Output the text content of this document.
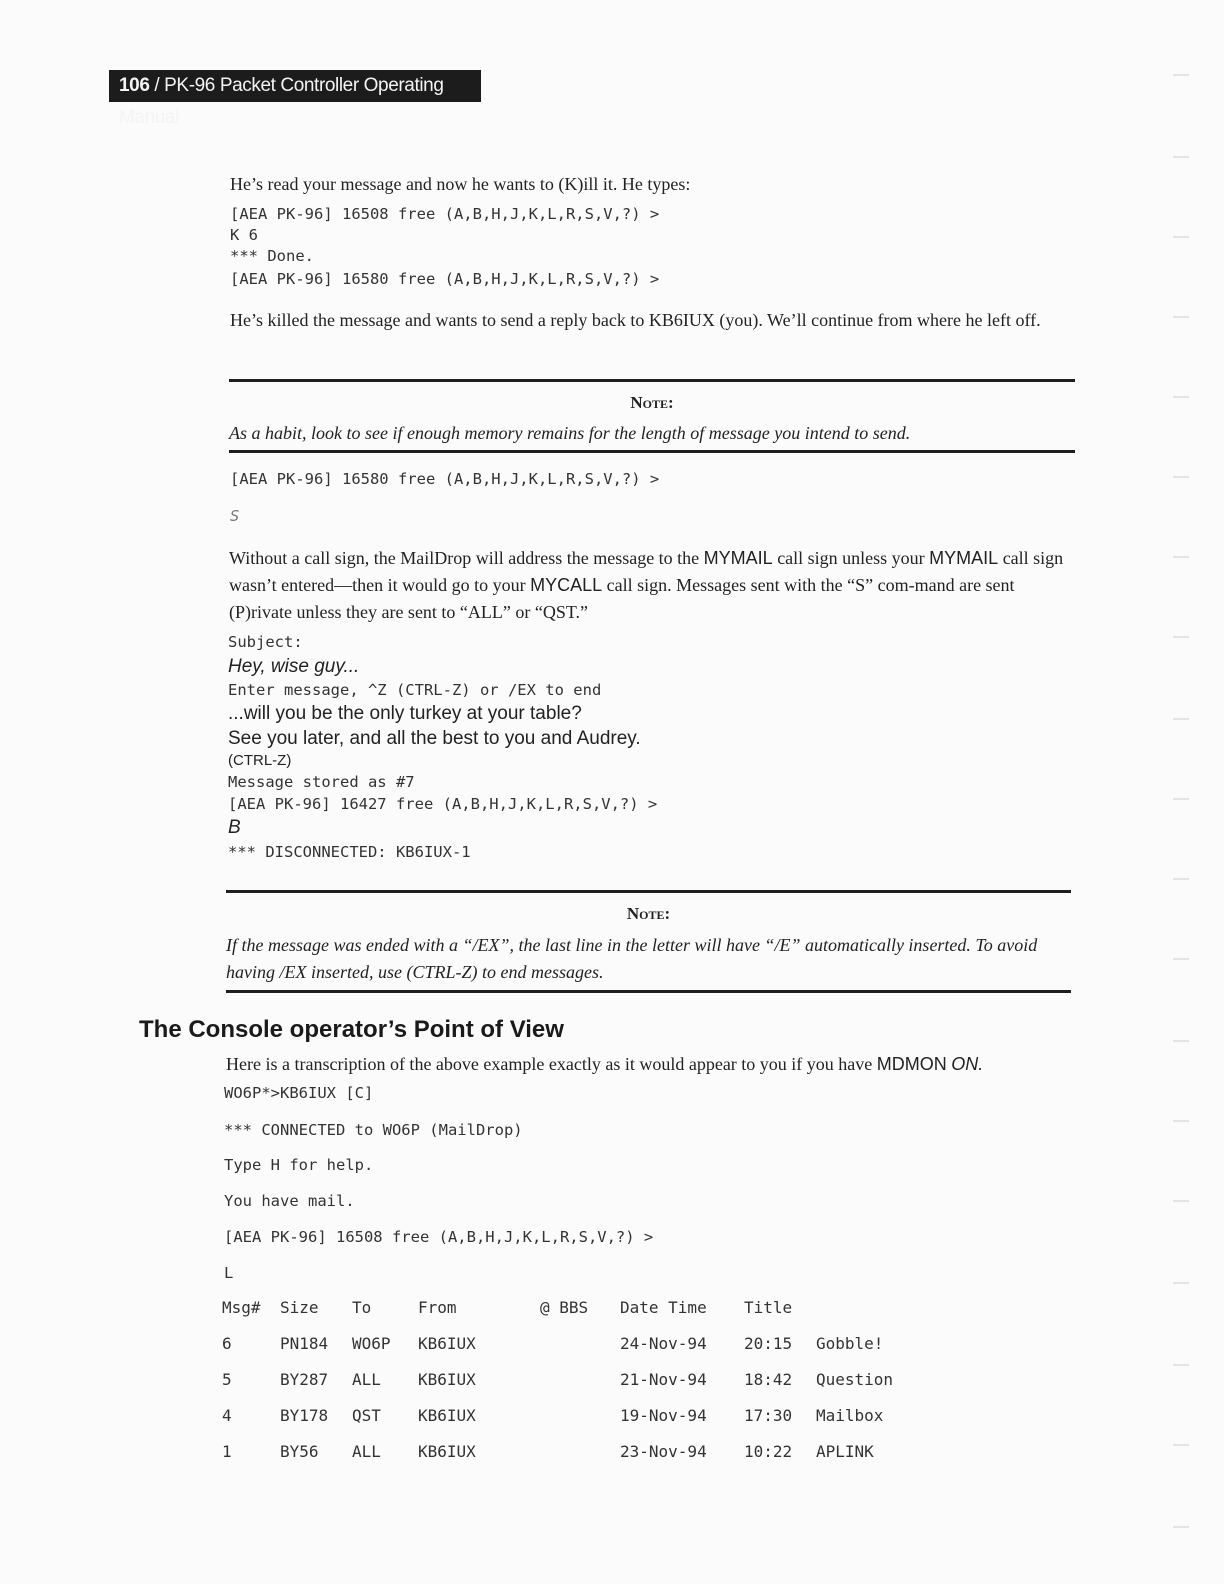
106 / PK-96 Packet Controller Operating Manual
He’s read your message and now he wants to (K)ill it. He types:
[AEA PK-96] 16508 free (A,B,H,J,K,L,R,S,V,?) >
K 6
*** Done.
[AEA PK-96] 16580 free (A,B,H,J,K,L,R,S,V,?) >
He’s killed the message and wants to send a reply back to KB6IUX (you). We’ll continue from where he left off.
Note:
As a habit, look to see if enough memory remains for the length of message you intend to send.
[AEA PK-96] 16580 free (A,B,H,J,K,L,R,S,V,?) >
S
Without a call sign, the MailDrop will address the message to the MYMAIL call sign unless your MYMAIL call sign wasn’t entered—then it would go to your MYCALL call sign. Messages sent with the “S” com-mand are sent (P)rivate unless they are sent to “ALL” or “QST.”
Subject:
Hey, wise guy...
Enter message, ^Z (CTRL-Z) or /EX to end
...will you be the only turkey at your table?
See you later, and all the best to you and Audrey.
(CTRL-Z)
Message stored as #7
[AEA PK-96] 16427 free (A,B,H,J,K,L,R,S,V,?) >
B
*** DISCONNECTED: KB6IUX-1
Note:
If the message was ended with a “/EX”, the last line in the letter will have “/E” automatically inserted. To avoid having /EX inserted, use (CTRL-Z) to end messages.
The Console operator’s Point of View
Here is a transcription of the above example exactly as it would appear to you if you have MDMON ON.
WO6P*>KB6IUX [C]
*** CONNECTED to WO6P (MailDrop)
Type H for help.
You have mail.
[AEA PK-96] 16508 free (A,B,H,J,K,L,R,S,V,?) >
L
Msg# Size To	From	@ BBS Date Time Title
6	PN184 WO6P KB6IUX	24-Nov-94 20:15 Gobble!
5	BY287 ALL KB6IUX	21-Nov-94 18:42 Question
4	BY178 QST KB6IUX	19-Nov-94 17:30 Mailbox
1	BY56 ALL KB6IUX	23-Nov-94 10:22 APLINK
